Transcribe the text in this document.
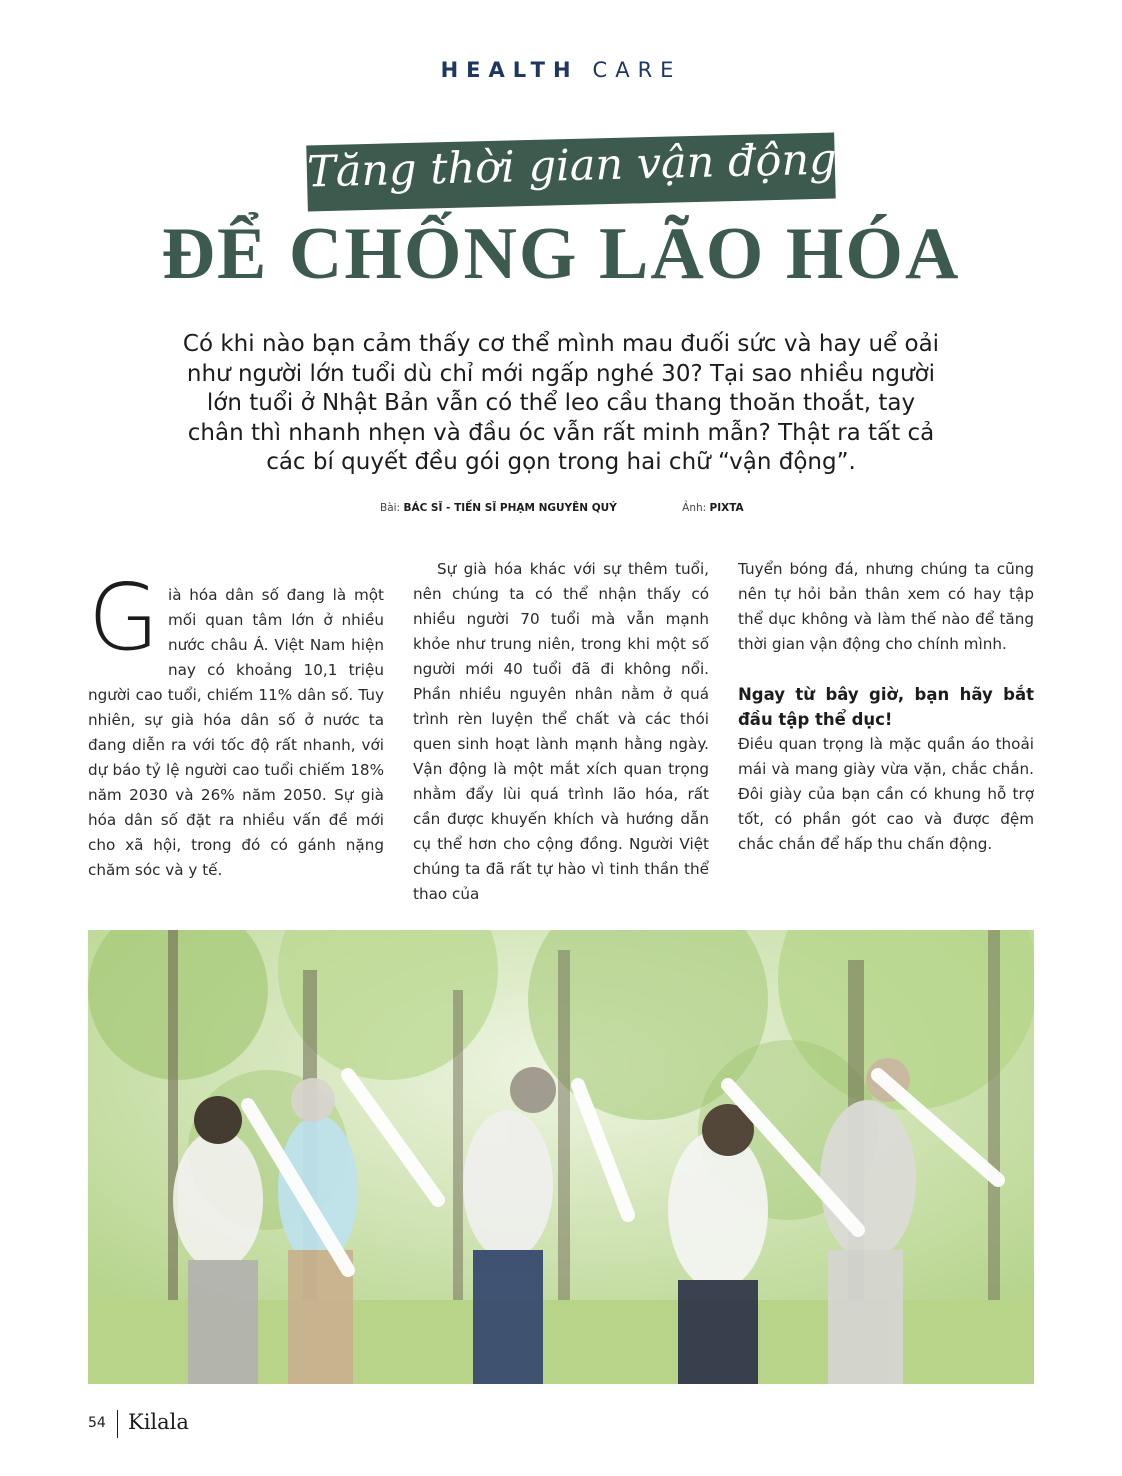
HEALTH CARE
Tăng thời gian vận động
ĐỂ CHỐNG LÃO HÓA
Có khi nào bạn cảm thấy cơ thể mình mau đuối sức và hay uể oải như người lớn tuổi dù chỉ mới ngấp nghé 30? Tại sao nhiều người lớn tuổi ở Nhật Bản vẫn có thể leo cầu thang thoăn thoắt, tay chân thì nhanh nhẹn và đầu óc vẫn rất minh mẫn? Thật ra tất cả các bí quyết đều gói gọn trong hai chữ “vận động”.
Bài: BÁC SĨ - TIẾN SĨ PHẠM NGUYÊN QUÝ	Ảnh: PIXTA
G ià hóa dân số đang là một mối quan tâm lớn ở nhiều nước châu Á. Việt Nam hiện nay có khoảng 10,1 triệu người cao tuổi, chiếm 11% dân số. Tuy nhiên, sự già hóa dân số ở nước ta đang diễn ra với tốc độ rất nhanh, với dự báo tỷ lệ người cao tuổi chiếm 18% năm 2030 và 26% năm 2050. Sự già hóa dân số đặt ra nhiều vấn đề mới cho xã hội, trong đó có gánh nặng chăm sóc và y tế.

Sự già hóa khác với sự thêm tuổi, nên chúng ta có thể nhận thấy có nhiều người 70 tuổi mà vẫn mạnh khỏe như trung niên, trong khi một số người mới 40 tuổi đã đi không nổi. Phần nhiều nguyên nhân nằm ở quá trình rèn luyện thể chất và các thói quen sinh hoạt lành mạnh hằng ngày. Vận động là một mắt xích quan trọng nhằm đẩy lùi quá trình lão hóa, rất cần được khuyến khích và hướng dẫn cụ thể hơn cho cộng đồng. Người Việt chúng ta đã rất tự hào vì tinh thần thể thao của

Tuyển bóng đá, nhưng chúng ta cũng nên tự hỏi bản thân xem có hay tập thể dục không và làm thế nào để tăng thời gian vận động cho chính mình.

Ngay từ bây giờ, bạn hãy bắt đầu tập thể dục!

Điều quan trọng là mặc quần áo thoải mái và mang giày vừa vặn, chắc chắn. Đôi giày của bạn cần có khung hỗ trợ tốt, có phần gót cao và được đệm chắc chắn để hấp thu chấn động.

54 Kilala
